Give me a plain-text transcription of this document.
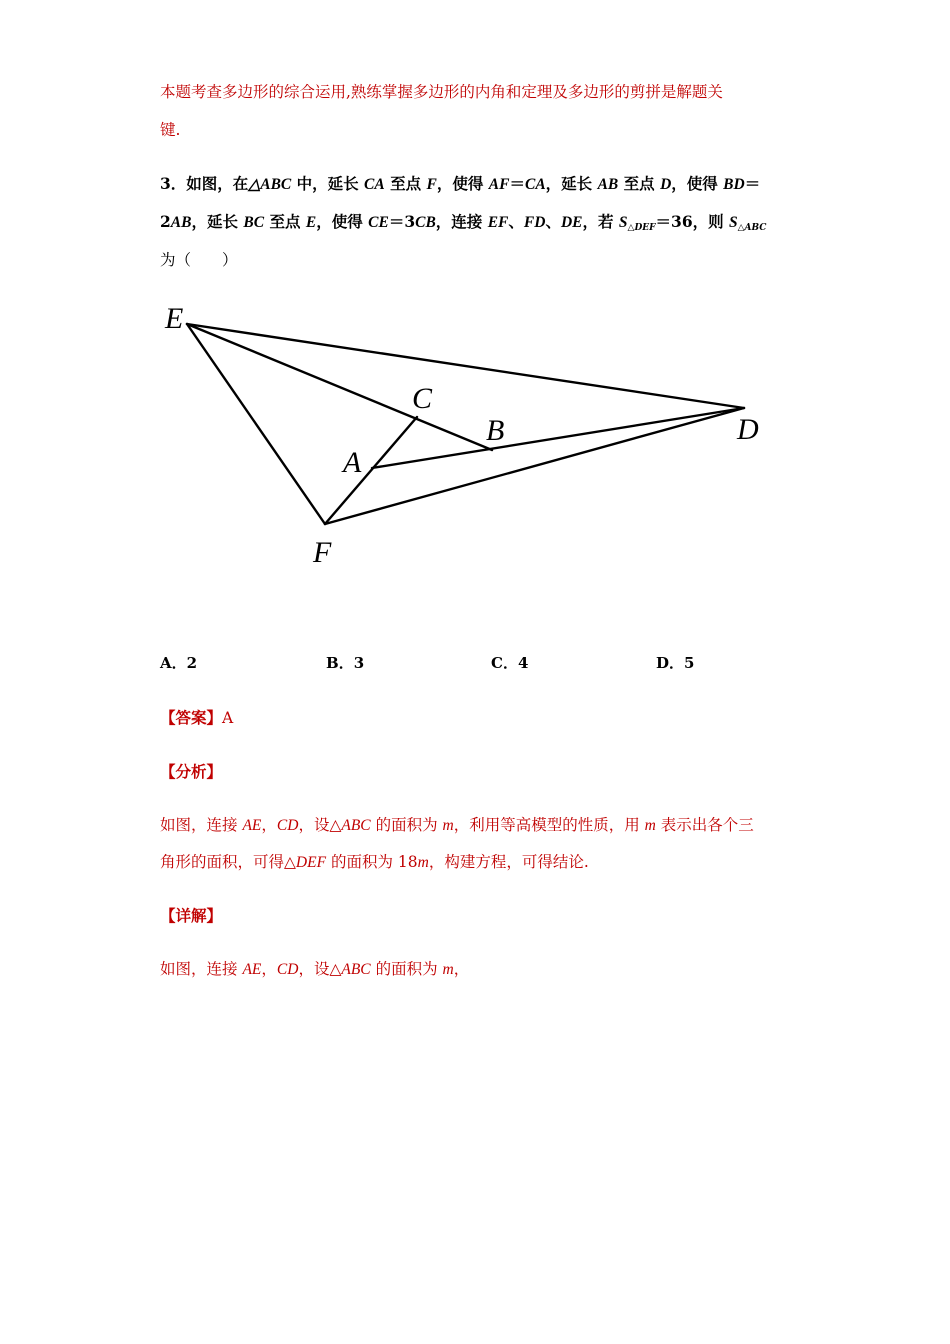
本题考查多边形的综合运用,熟练掌握多边形的内角和定理及多边形的剪拼是解题关
键.
3．如图，在△ABC 中，延长 CA 至点 F，使得 AF＝CA，延长 AB 至点 D，使得 BD＝
2AB，延长 BC 至点 E，使得 CE＝3CB，连接 EF、FD、DE，若 $S_{\triangle DEF}=36$，则 $S_{\triangle ABC}$
为（　　）
E
C
B	D
A
F
A．2	B．3	C．4	D．5
【答案】A
【分析】
如图，连接 AE，CD，设△ABC 的面积为 m，利用等高模型的性质，用 m 表示出各个三
角形的面积，可得△DEF 的面积为 18m，构建方程，可得结论.
【详解】
如图，连接 AE，CD，设△ABC 的面积为 m，
